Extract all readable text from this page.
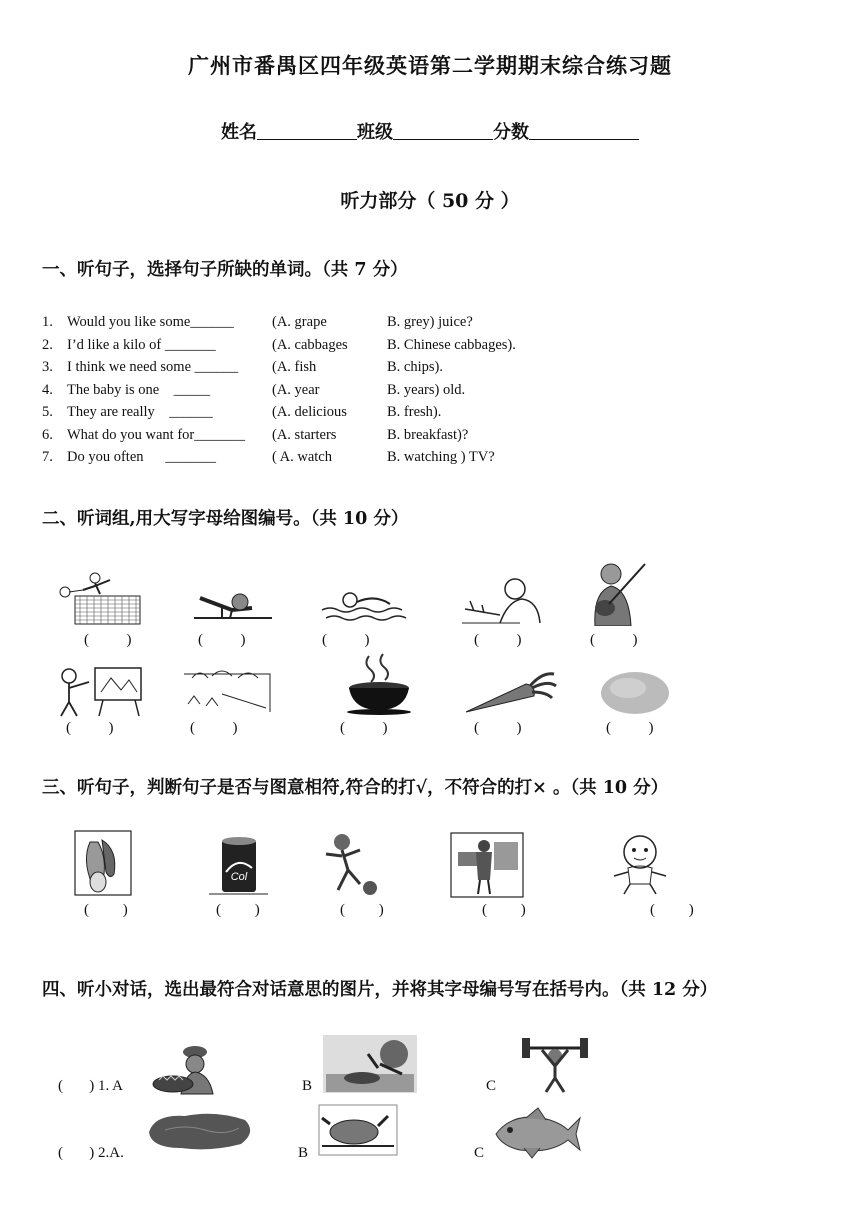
广州市番禺区四年级英语第二学期期末综合练习题
姓名	班级	分数
听力部分（ 50 分 ）
一、听句子，选择句子所缺的单词。（共 7 分）
1. Would you like some______	(A. grape	B. grey) juice?
2. I’d like a kilo of _______	(A. cabbages	B. Chinese cabbages).
3. I think we need some ______ (A. fish	B. chips).
4. The baby is one    _____	(A. year	B. years) old.
5. They are really    ______	(A. delicious	B. fresh).
6. What do you want for_______ (A. starters	B. breakfast)?
7. Do you often      _______	( A. watch	B. watching ) TV?
二、听词组,用大写字母给图编号。（共 10 分）
(          )	(          )	(          )	(          )	(          )
(          )	(          )	(          )	(          )	(          )
三、听句子，判断句子是否与图意相符,符合的打√，不符合的打× 。（共 10 分）
Col
(         )	(         )	(         )	(         )	(         )
四、听小对话，选出最符合对话意思的图片，并将其字母编号写在括号内。（共 12 分）
(       ) 1. A	B	C
(       ) 2.A.	B	C
